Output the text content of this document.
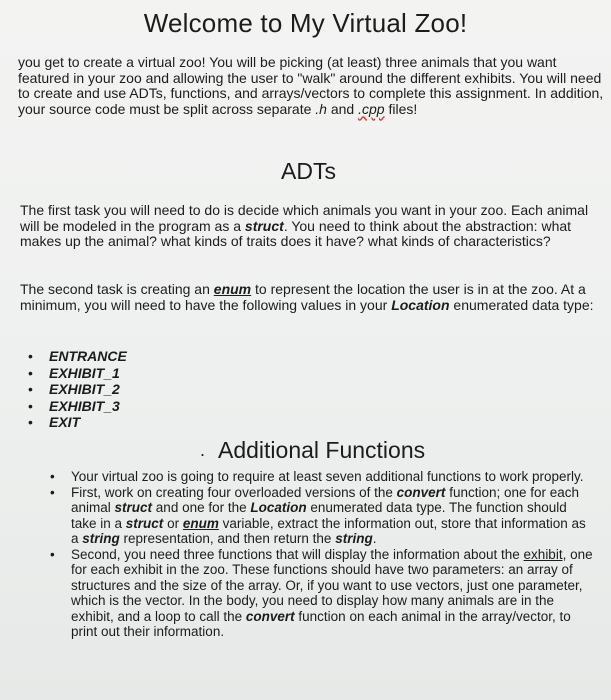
Welcome to My Virtual Zoo!

you get to create a virtual zoo! You will be picking (at least) three animals that you want featured in your zoo and allowing the user to "walk" around the different exhibits. You will need to create and use ADTs, functions, and arrays/vectors to complete this assignment. In addition, your source code must be split across separate .h and .cpp files!

ADTs

The first task you will need to do is decide which animals you want in your zoo. Each animal will be modeled in the program as a struct. You need to think about the abstraction: what makes up the animal? what kinds of traits does it have? what kinds of characteristics?

The second task is creating an enum to represent the location the user is in at the zoo. At a minimum, you will need to have the following values in your Location enumerated data type:

• ENTRANCE
• EXHIBIT_1
• EXHIBIT_2
• EXHIBIT_3
• EXIT
. Additional Functions
• Your virtual zoo is going to require at least seven additional functions to work properly.
• First, work on creating four overloaded versions of the convert function; one for each animal struct and one for the Location enumerated data type. The function should take in a struct or enum variable, extract the information out, store that information as a string representation, and then return the string.
• Second, you need three functions that will display the information about the exhibit, one for each exhibit in the zoo. These functions should have two parameters: an array of structures and the size of the array. Or, if you want to use vectors, just one parameter, which is the vector. In the body, you need to display how many animals are in the exhibit, and a loop to call the convert function on each animal in the array/vector, to print out their information.
